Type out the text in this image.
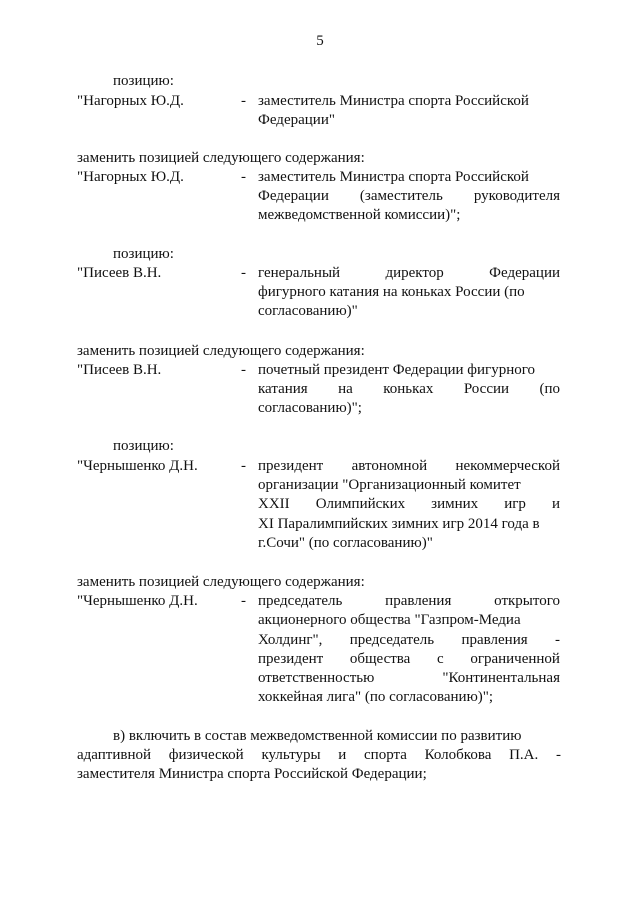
5
позицию:
"Нагорных Ю.Д.	- заместитель Министра спорта Российской
Федерации"
заменить позицией следующего содержания:
"Нагорных Ю.Д.	- заместитель Министра спорта Российской
Федерации (заместитель руководителя
межведомственной комиссии)";
позицию:
"Писеев В.Н.	- генеральный	директор	Федерации
фигурного катания на коньках России (по
согласованию)"
заменить позицией следующего содержания:
"Писеев В.Н.	- почетный президент Федерации фигурного
катания на коньках России (по
согласованию)";
позицию:
"Чернышенко Д.Н.	- президент автономной некоммерческой
организации "Организационный комитет
XXII Олимпийских зимних игр и
XI Паралимпийских зимних игр 2014 года в
г.Сочи" (по согласованию)"
заменить позицией следующего содержания:
"Чернышенко Д.Н.	- председатель	правления	открытого
акционерного общества "Газпром-Медиа
Холдинг", председатель правления -
президент общества с ограниченной
ответственностью	"Континентальная
хоккейная лига" (по согласованию)";
в) включить в состав межведомственной комиссии по развитию
адаптивной физической культуры и спорта Колобкова П.А. -
заместителя Министра спорта Российской Федерации;
